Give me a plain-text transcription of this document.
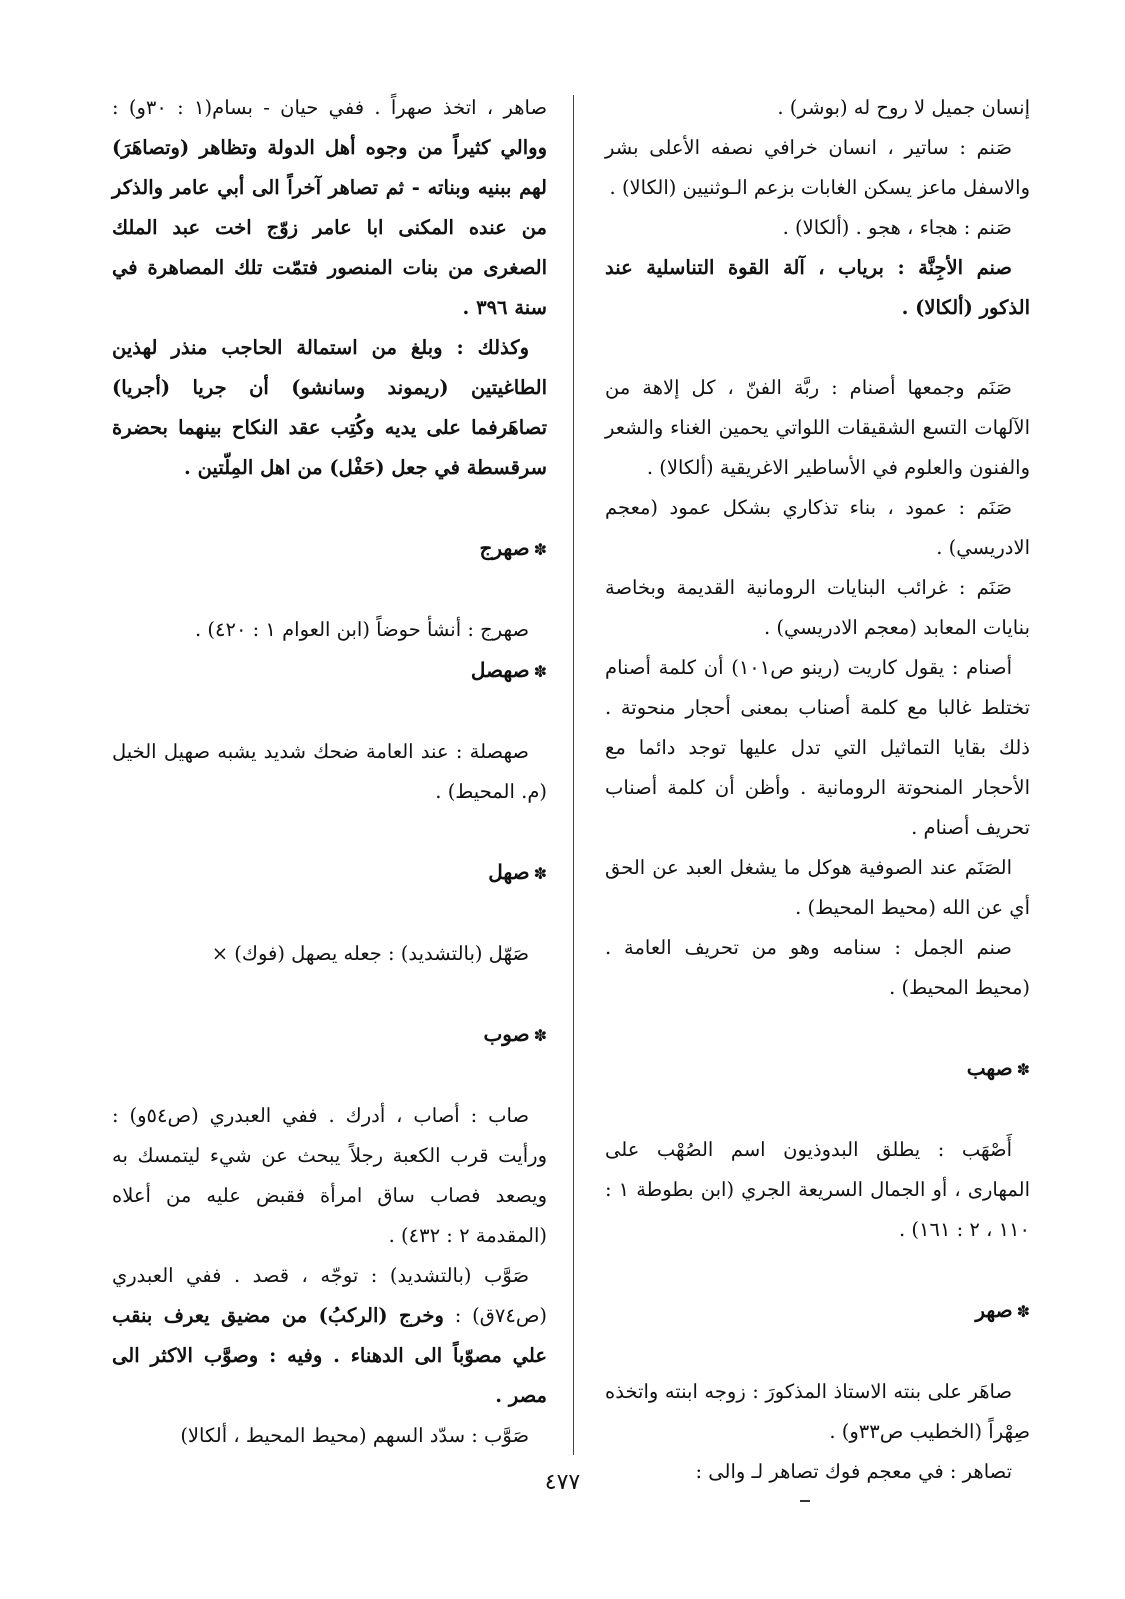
إنسان جميل لا روح له (بوشر) .

صَنم : ساتير ، انسان خرافي نصفه الأعلى بشر والاسفل ماعز يسكن الغابات بزعم الـوثنيين (الكالا) .

صَنم : هجاء ، هجو . (ألكالا) .

صنم الأجِنَّة : برياب ، آلة القوة التناسلية عند الذكور (ألكالا) .

صَنَم وجمعها أصنام : ربَّة الفنّ ، كل إلاهة من الآلهات التسع الشقيقات اللواتي يحمين الغناء والشعر والفنون والعلوم في الأساطير الاغريقية (ألكالا) .

صَنَم : عمود ، بناء تذكاري بشكل عمود (معجم الادريسي) .

صَنَم : غرائب البنايات الرومانية القديمة وبخاصة بنايات المعابد (معجم الادريسي) .

أصنام : يقول كاريت (رينو ص١٠١) أن كلمة أصنام تختلط غالبا مع كلمة أصناب بمعنى أحجار منحوتة . ذلك بقايا التماثيل التي تدل عليها توجد دائما مع الأحجار المنحوتة الرومانية . وأظن أن كلمة أصناب تحريف أصنام .

الصَنَم عند الصوفية هوكل ما يشغل العبد عن الحق أي عن الله (محيط المحيط) .

صنم الجمل : سنامه وهو من تحريف العامة . (محيط المحيط) .

✽صهب

أَصْهَب : يطلق البدوذيون اسم الصُهْب على المهارى ، أو الجمال السريعة الجري (ابن بطوطة ١ : ١١٠ ، ٢ : ١٦١) .

✽صهر

صاهَر على بنته الاستاذ المذكورَ : زوجه ابنته واتخذه صِهْراً (الخطيب ص٣٣و) .

تصاهر : في معجم فوك تصاهر لـ والى :

صاهر ، اتخذ صهراً . ففي حيان - بسام(١ : ٣٠و) : ووالي كثيراً من وجوه أهل الدولة وتظاهر (وتصاهَرَ) لهم ببنيه وبناته - ثم تصاهر آخراً الى أبي عامر والذكر من عنده المكنى ابا عامر زوّج اخت عبد الملك الصغرى من بنات المنصور فتمّت تلك المصاهرة في سنة ٣٩٦ .

وكذلك : وبلغ من استمالة الحاجب منذر لهذين الطاغيتين (ريموند وسانشو) أن جريا (أجريا) تصاهَرفما على يديه وكُتِب عقد النكاح بينهما بحضرة سرقسطة في جعل (حَفْل) من اهل المِلّتين .

✽صهرج

صهرج : أنشأ حوضاً (ابن العوام ١ : ٤٢٠) .

✽صهصل

صهصلة : عند العامة ضحك شديد يشبه صهيل الخيل (م. المحيط) .

✽صهل

صَهّل (بالتشديد) : جعله يصهل (فوك) ×

✽صوب

صاب : أصاب ، أدرك . ففي العبدري (ص٥٤و) : ورأيت قرب الكعبة رجلاً يبحث عن شيء ليتمسك به ويصعد فصاب ساق امرأة فقبض عليه من أعلاه (المقدمة ٢ : ٤٣٢) .

صَوَّب (بالتشديد) : توجّه ، قصد . ففي العبدري (ص٧٤ق) : وخرج (الركبُ) من مضيق يعرف بنقب علي مصوّباً الى الدهناء . وفيه : وصوَّب الاكثر الى مصر .

صَوَّب : سدّد السهم (محيط المحيط ، ألكالا)

٤٧٧
